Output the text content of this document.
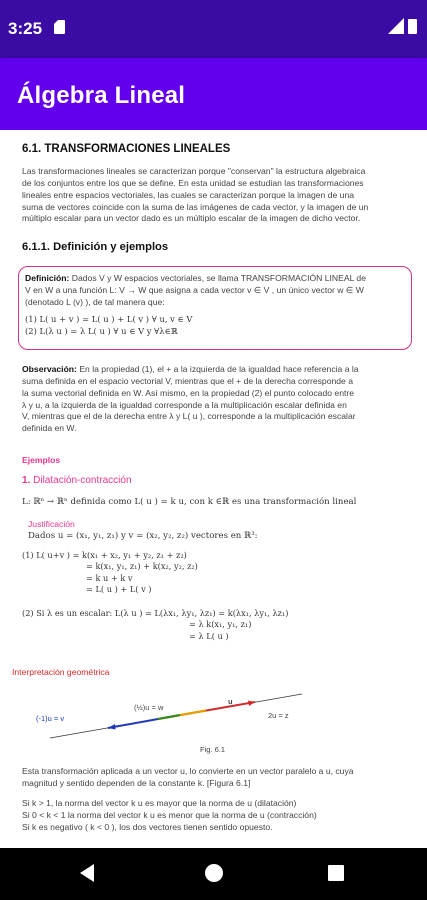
3:25
Álgebra Lineal
6.1. TRANSFORMACIONES LINEALES
Las transformaciones lineales se caracterizan porque "conservan" la estructura algebraica
de los conjuntos entre los que se define. En esta unidad se estudian las transformaciones
lineales entre espacios vectoriales, las cuales se caracterizan porque la imagen de una
suma de vectores coincide con la suma de las imágenes de cada vector, y la imagen de un
múltiplo escalar para un vector dado es un múltiplo escalar de la imagen de dicho vector.
6.1.1. Definición y ejemplos
Definición: Dados V y W espacios vectoriales, se llama TRANSFORMACIÓN LINEAL de
V en W a una función L: V → W que asigna a cada vector v ∈ V , un único vector w ∈ W
(denotado L (v) ), de tal manera que:
(1) L( u + v ) = L( u ) + L( v ) ∀ u, v ∈ V
(2) L(λ u ) = λ L( u ) ∀ u ∈ V y ∀λ∈ℝ
Observación: En la propiedad (1), el + a la izquierda de la igualdad hace referencia a la
suma definida en el espacio vectorial V, mientras que el + de la derecha corresponde a
la suma vectorial definida en W. Así mismo, en la propiedad (2) el punto colocado entre
λ y u, a la izquierda de la igualdad corresponde a la multiplicación escalar definida en
V, mientras que el de la derecha entre λ y L( u ), corresponde a la multiplicación escalar
definida en W.
Ejemplos
1. Dilatación-contracción
L: ℝⁿ → ℝⁿ definida como L( u ) = k u, con k ∈ℝ es una transformación lineal
Justificación
Dados u = (x₁, y₁, z₁) y v = (x₂, y₂, z₂) vectores en ℝ³:
(1) L( u+v ) = k(x₁ + x₂, y₁ + y₂, z₁ + z₂)
= k(x₁, y₁, z₁) + k(x₂, y₂, z₂)
= k u + k v
= L( u ) + L( v )
(2) Si λ es un escalar: L(λ u ) = L(λx₁, λy₁, λz₁) = k(λx₁, λy₁, λz₁)
= λ k(x₁, y₁, z₁)
= λ L( u )
Interpretación geométrica
(-1)u = v
(½)u = w
u
2u = z
Fig. 6.1
Esta transformación aplicada a un vector u, lo convierte en un vector paralelo a u, cuya
magnitud y sentido dependen de la constante k. [Figura 6.1]
Si k > 1, la norma del vector k u es mayor que la norma de u (dilatación)
Si 0 < k < 1 la norma del vector k u es menor que la norma de u (contracción)
Si k es negativo ( k < 0 ), los dos vectores tienen sentido opuesto.
